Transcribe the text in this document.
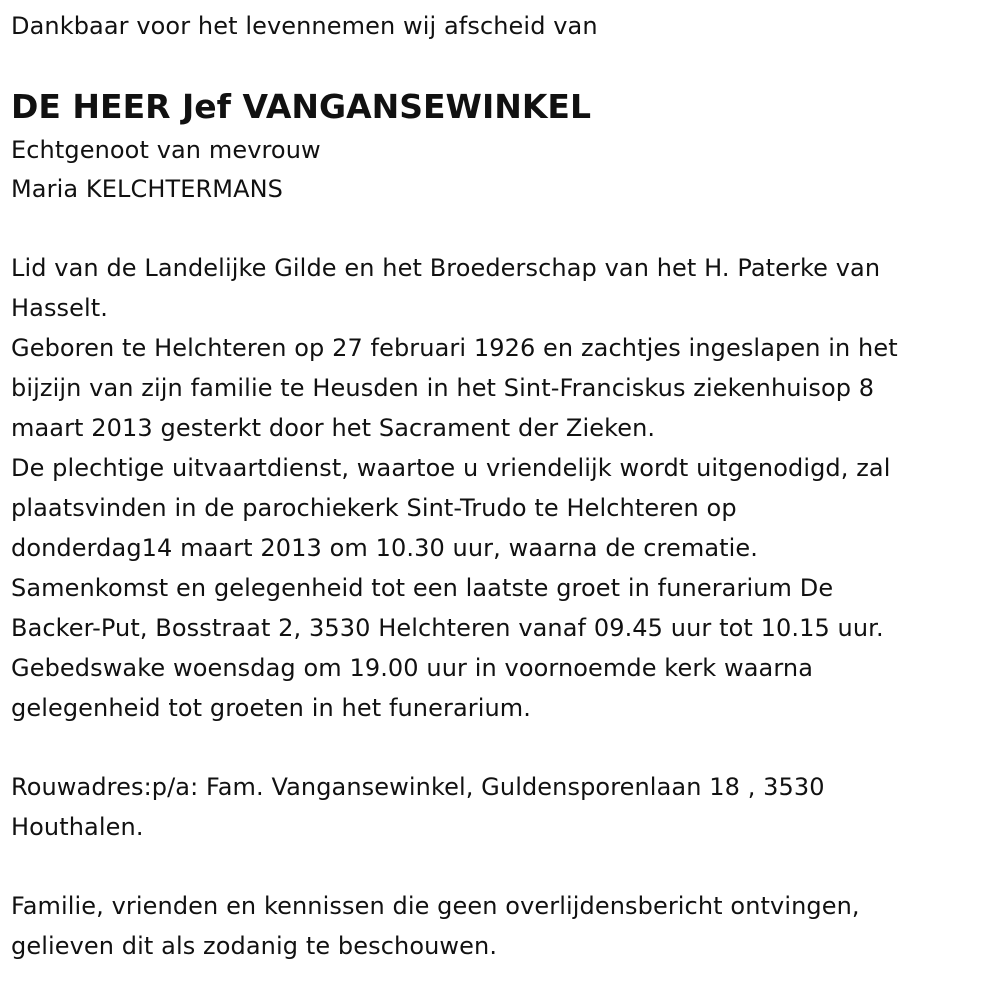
Dankbaar voor het levennemen wij afscheid van
DE HEER Jef VANGANSEWINKEL
Echtgenoot van mevrouw
Maria KELCHTERMANS
Lid van de Landelijke Gilde en het Broederschap van het H. Paterke van
Hasselt.
Geboren te Helchteren op 27 februari 1926 en zachtjes ingeslapen in het
bijzijn van zijn familie te Heusden in het Sint-Franciskus ziekenhuisop 8
maart 2013 gesterkt door het Sacrament der Zieken.
De plechtige uitvaartdienst, waartoe u vriendelijk wordt uitgenodigd, zal
plaatsvinden in de parochiekerk Sint-Trudo te Helchteren op
donderdag14 maart 2013 om 10.30 uur, waarna de crematie.
Samenkomst en gelegenheid tot een laatste groet in funerarium De
Backer-Put, Bosstraat 2, 3530 Helchteren vanaf 09.45 uur tot 10.15 uur.
Gebedswake woensdag om 19.00 uur in voornoemde kerk waarna
gelegenheid tot groeten in het funerarium.
Rouwadres:p/a: Fam. Vangansewinkel, Guldensporenlaan 18 , 3530
Houthalen.
Familie, vrienden en kennissen die geen overlijdensbericht ontvingen,
gelieven dit als zodanig te beschouwen.
